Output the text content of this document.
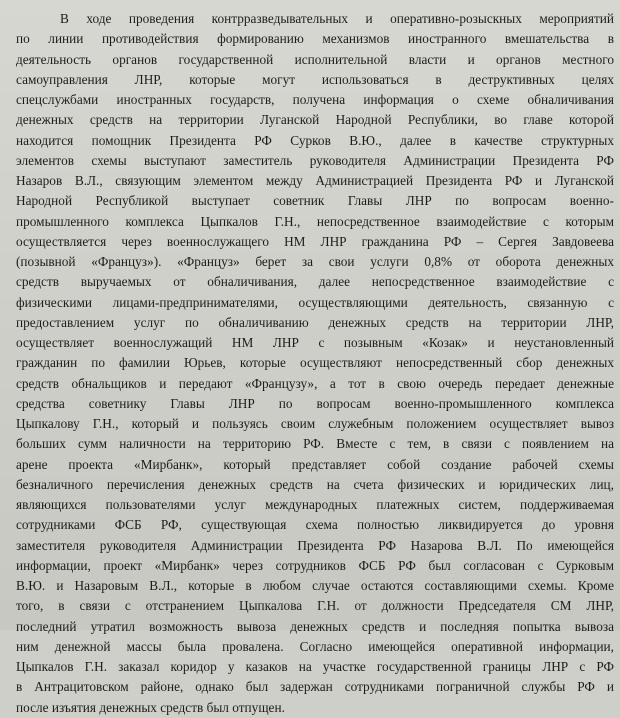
В ходе проведения контрразведывательных и оперативно-розыскных мероприятий
по линии противодействия формированию механизмов иностранного вмешательства в
деятельность органов государственной исполнительной власти и органов местного
самоуправления ЛНР, которые могут использоваться в деструктивных целях
спецслужбами иностранных государств, получена информация о схеме обналичивания
денежных средств на территории Луганской Народной Республики, во главе которой
находится помощник Президента РФ Сурков В.Ю., далее в качестве структурных
элементов схемы выступают заместитель руководителя Администрации Президента РФ
Назаров В.Л., связующим элементом между Администрацией Президента РФ и Луганской
Народной Республикой выступает советник Главы ЛНР по вопросам военно-
промышленного комплекса Цыпкалов Г.Н., непосредственное взаимодействие с которым
осуществляется через военнослужащего НМ ЛНР гражданина РФ – Сергея Завдовеева
(позывной «Француз»). «Француз» берет за свои услуги 0,8% от оборота денежных
средств выручаемых от обналичивания, далее непосредственное взаимодействие с
физическими лицами-предпринимателями, осуществляющими деятельность, связанную с
предоставлением услуг по обналичиванию денежных средств на территории ЛНР,
осуществляет военнослужащий НМ ЛНР с позывным «Козак» и неустановленный
гражданин по фамилии Юрьев, которые осуществляют непосредственный сбор денежных
средств обнальщиков и передают «Французу», а тот в свою очередь передает денежные
средства советнику Главы ЛНР по вопросам военно-промышленного комплекса
Цыпкалову Г.Н., который и пользуясь своим служебным положением осуществляет вывоз
больших сумм наличности на территорию РФ. Вместе с тем, в связи с появлением на
арене проекта «Мирбанк», который представляет собой создание рабочей схемы
безналичного перечисления денежных средств на счета физических и юридических лиц,
являющихся пользователями услуг международных платежных систем, поддерживаемая
сотрудниками ФСБ РФ, существующая схема полностью ликвидируется до уровня
заместителя руководителя Администрации Президента РФ Назарова В.Л. По имеющейся
информации, проект «Мирбанк» через сотрудников ФСБ РФ был согласован с Сурковым
В.Ю. и Назаровым В.Л., которые в любом случае остаются составляющими схемы. Кроме
того, в связи с отстранением Цыпкалова Г.Н. от должности Председателя СМ ЛНР,
последний утратил возможность вывоза денежных средств и последняя попытка вывоза
ним денежной массы была провалена. Согласно имеющейся оперативной информации,
Цыпкалов Г.Н. заказал коридор у казаков на участке государственной границы ЛНР с РФ
в Антрацитовском районе, однако был задержан сотрудниками пограничной службы РФ и
после изъятия денежных средств был отпущен.
